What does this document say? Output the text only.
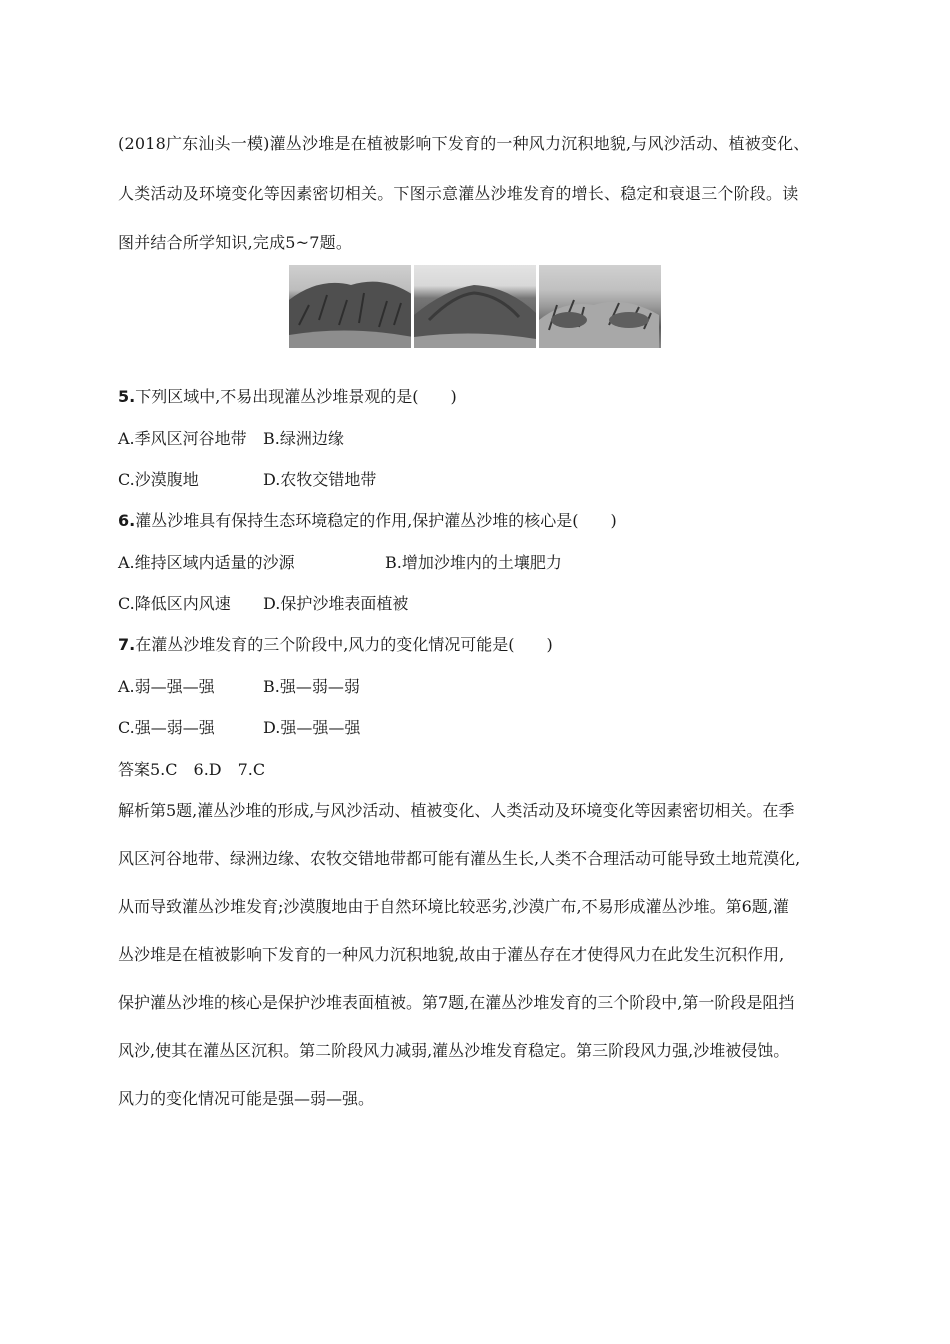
(2018广东汕头一模)灌丛沙堆是在植被影响下发育的一种风力沉积地貌,与风沙活动、植被变化、
人类活动及环境变化等因素密切相关。下图示意灌丛沙堆发育的增长、稳定和衰退三个阶段。读
图并结合所学知识,完成5~7题。
5.下列区域中,不易出现灌丛沙堆景观的是(　　)
A.季风区河谷地带 B.绿洲边缘
C.沙漠腹地	D.农牧交错地带
6.灌丛沙堆具有保持生态环境稳定的作用,保护灌丛沙堆的核心是(　　)
A.维持区域内适量的沙源	B.增加沙堆内的土壤肥力
C.降低区内风速 D.保护沙堆表面植被
7.在灌丛沙堆发育的三个阶段中,风力的变化情况可能是(　　)
A.弱—强—强	B.强—弱—弱
C.强—弱—强	D.强—强—强
答案5.C　6.D　7.C
解析第5题,灌丛沙堆的形成,与风沙活动、植被变化、人类活动及环境变化等因素密切相关。在季
风区河谷地带、绿洲边缘、农牧交错地带都可能有灌丛生长,人类不合理活动可能导致土地荒漠化,
从而导致灌丛沙堆发育;沙漠腹地由于自然环境比较恶劣,沙漠广布,不易形成灌丛沙堆。第6题,灌
丛沙堆是在植被影响下发育的一种风力沉积地貌,故由于灌丛存在才使得风力在此发生沉积作用,
保护灌丛沙堆的核心是保护沙堆表面植被。第7题,在灌丛沙堆发育的三个阶段中,第一阶段是阻挡
风沙,使其在灌丛区沉积。第二阶段风力减弱,灌丛沙堆发育稳定。第三阶段风力强,沙堆被侵蚀。
风力的变化情况可能是强—弱—强。
